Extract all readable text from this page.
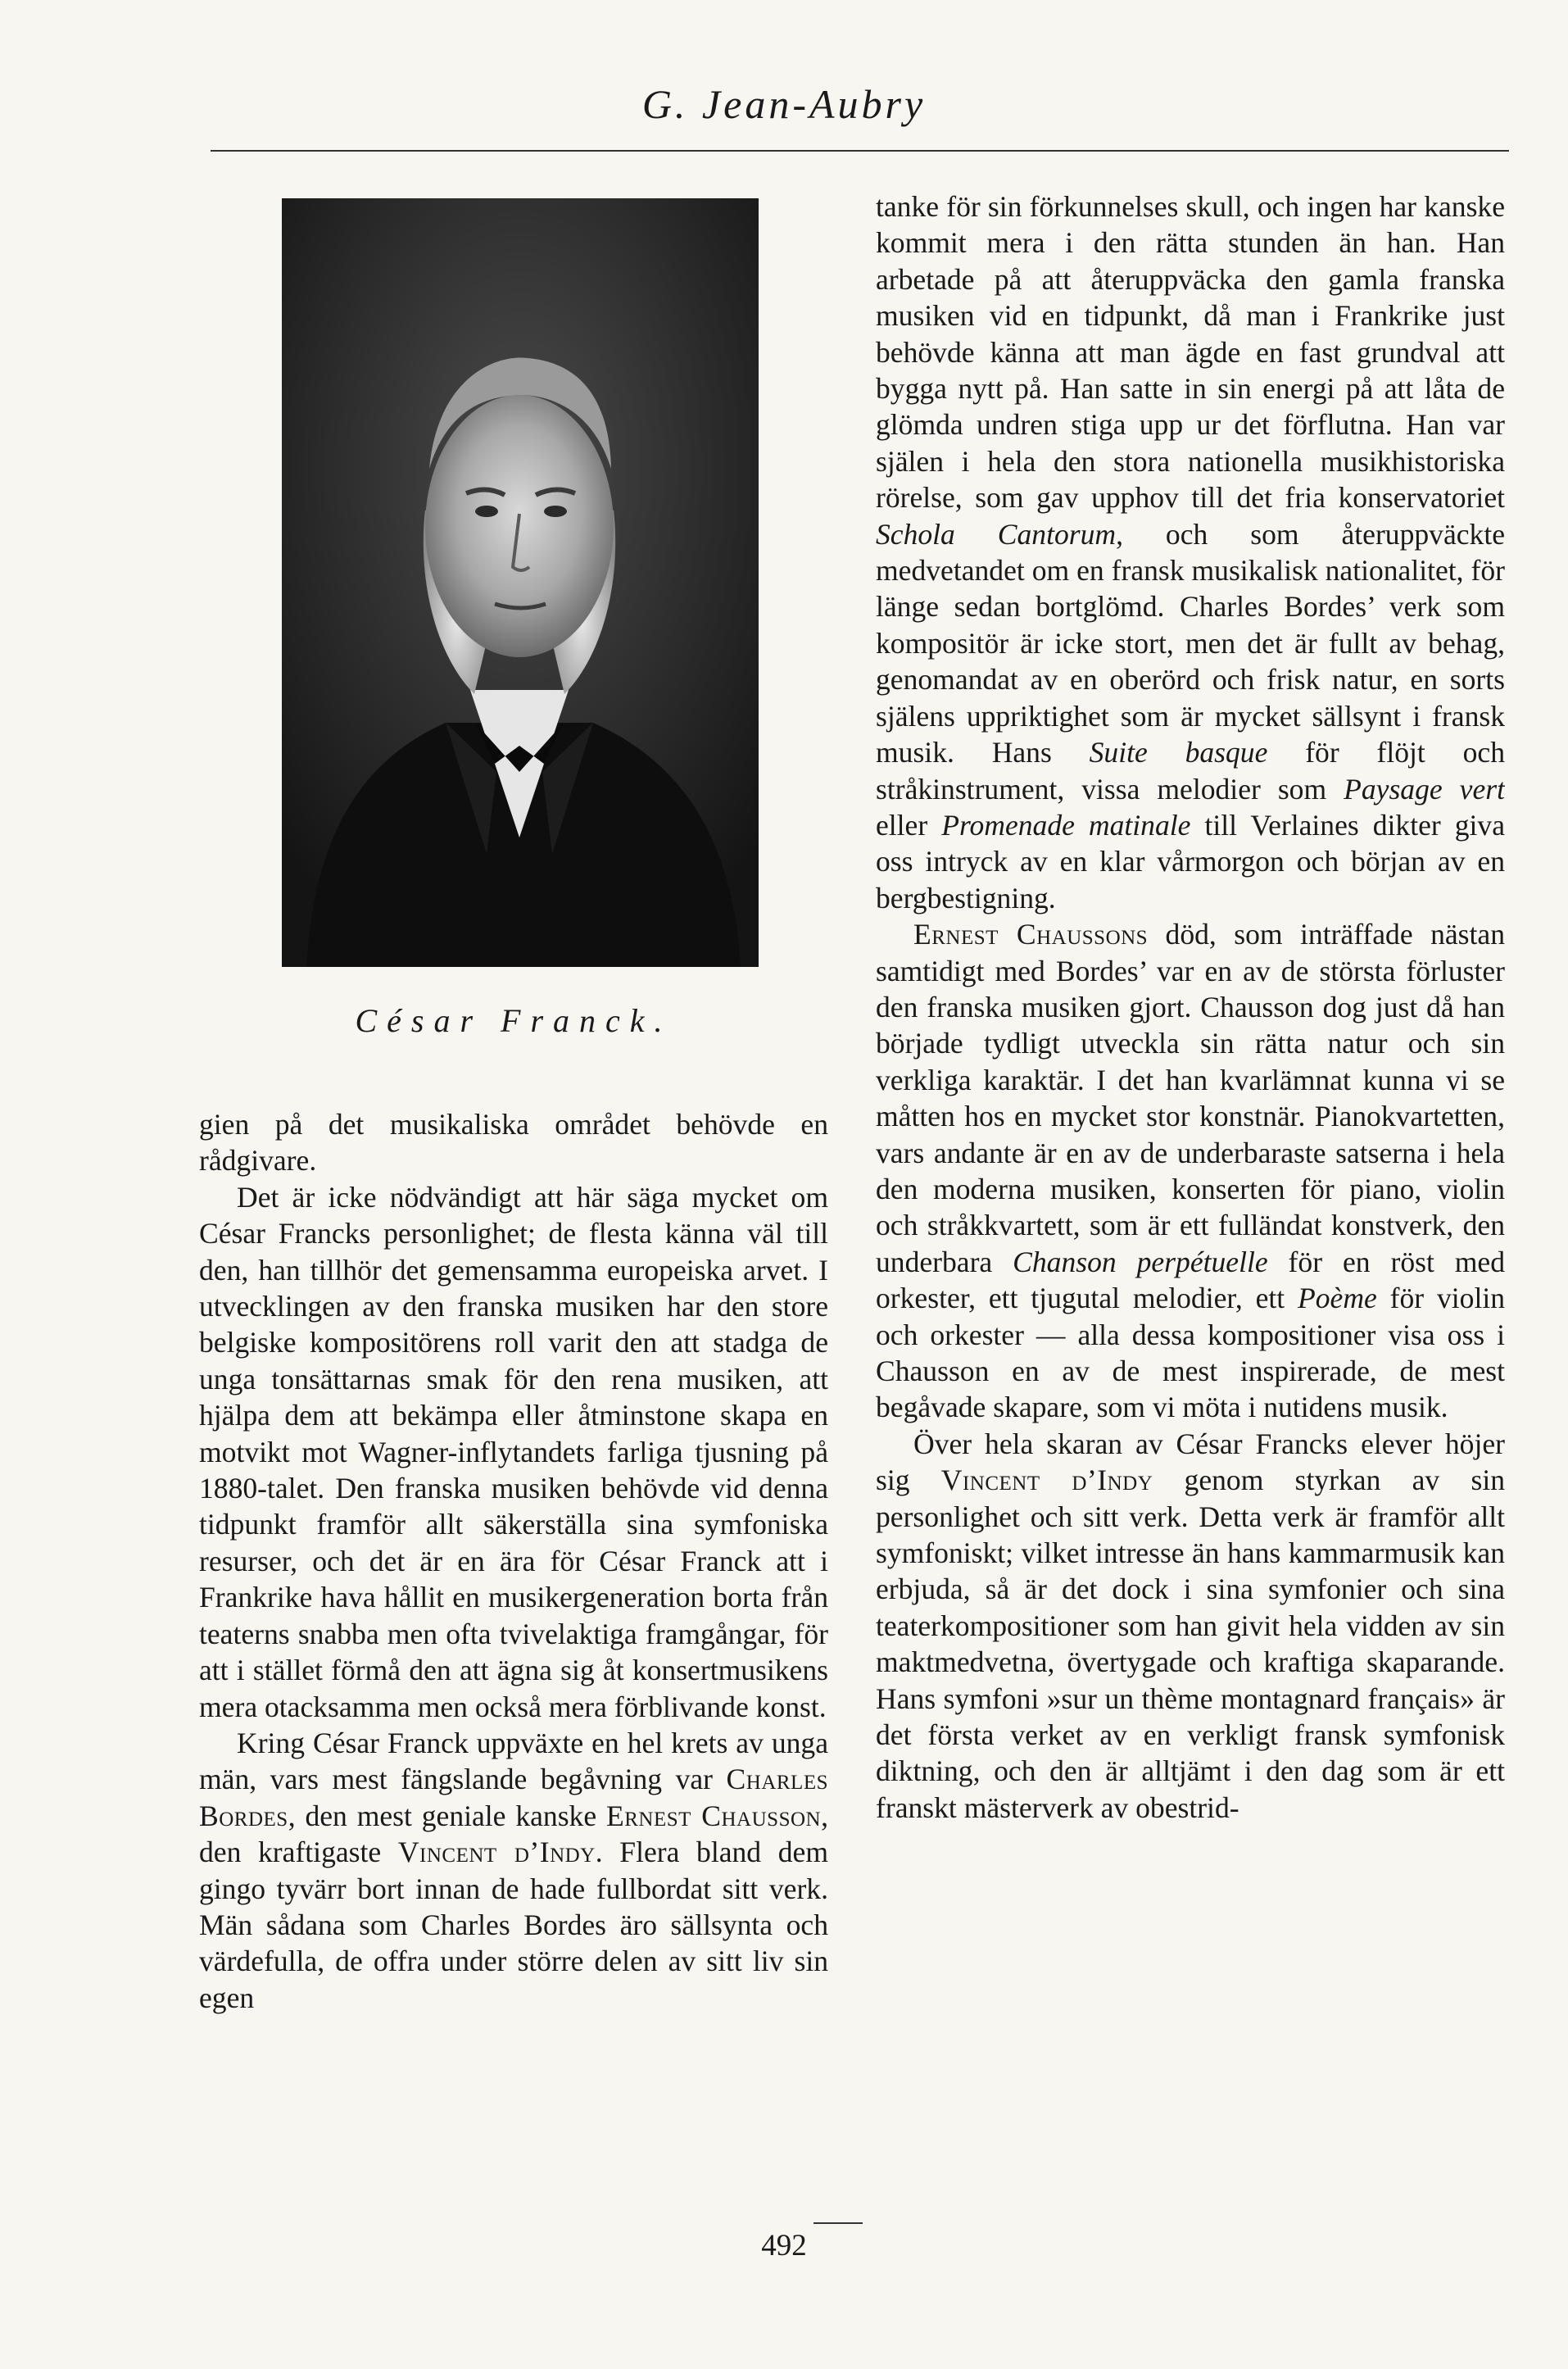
G. Jean-Aubry
César Franck.

gien på det musikaliska området behövde en rådgivare.

Det är icke nödvändigt att här säga mycket om César Francks personlighet; de flesta känna väl till den, han tillhör det gemensamma europeiska arvet. I utvecklingen av den franska musiken har den store belgiske kompositörens roll varit den att stadga de unga tonsättarnas smak för den rena musiken, att hjälpa dem att bekämpa eller åtminstone skapa en motvikt mot Wagner-inflytandets farliga tjusning på 1880-talet. Den franska musiken behövde vid denna tidpunkt framför allt säkerställa sina symfoniska resurser, och det är en ära för César Franck att i Frankrike hava hållit en musikergeneration borta från teaterns snabba men ofta tvivelaktiga framgångar, för att i stället förmå den att ägna sig åt konsertmusikens mera otacksamma men också mera förblivande konst.

Kring César Franck uppväxte en hel krets av unga män, vars mest fängslande begåvning var Charles Bordes, den mest geniale kanske Ernest Chausson, den kraftigaste Vincent d’Indy. Flera bland dem gingo tyvärr bort innan de hade fullbordat sitt verk. Män sådana som Charles Bordes äro sällsynta och värdefulla, de offra under större delen av sitt liv sin egen

tanke för sin förkunnelses skull, och ingen har kanske kommit mera i den rätta stunden än han. Han arbetade på att återuppväcka den gamla franska musiken vid en tidpunkt, då man i Frankrike just behövde känna att man ägde en fast grundval att bygga nytt på. Han satte in sin energi på att låta de glömda undren stiga upp ur det förflutna. Han var själen i hela den stora nationella musikhistoriska rörelse, som gav upphov till det fria konservatoriet Schola Cantorum, och som återuppväckte medvetandet om en fransk musikalisk nationalitet, för länge sedan bortglömd. Charles Bordes’ verk som kompositör är icke stort, men det är fullt av behag, genomandat av en oberörd och frisk natur, en sorts själens uppriktighet som är mycket sällsynt i fransk musik. Hans Suite basque för flöjt och stråkinstrument, vissa melodier som Paysage vert eller Promenade matinale till Verlaines dikter giva oss intryck av en klar vårmorgon och början av en bergbestigning.

Ernest Chaussons död, som inträffade nästan samtidigt med Bordes’ var en av de största förluster den franska musiken gjort. Chausson dog just då han började tydligt utveckla sin rätta natur och sin verkliga karaktär. I det han kvarlämnat kunna vi se måtten hos en mycket stor konstnär. Pianokvartetten, vars andante är en av de underbaraste satserna i hela den moderna musiken, konserten för piano, violin och stråkkvartett, som är ett fulländat konstverk, den underbara Chanson perpétuelle för en röst med orkester, ett tjugutal melodier, ett Poème för violin och orkester — alla dessa kompositioner visa oss i Chausson en av de mest inspirerade, de mest begåvade skapare, som vi möta i nutidens musik.

Över hela skaran av César Francks elever höjer sig Vincent d’Indy genom styrkan av sin personlighet och sitt verk. Detta verk är framför allt symfoniskt; vilket intresse än hans kammarmusik kan erbjuda, så är det dock i sina symfonier och sina teaterkompositioner som han givit hela vidden av sin maktmedvetna, övertygade och kraftiga skaparande. Hans symfoni »sur un thème montagnard français» är det första verket av en verkligt fransk symfonisk diktning, och den är alltjämt i den dag som är ett franskt mästerverk av obestrid-

492
